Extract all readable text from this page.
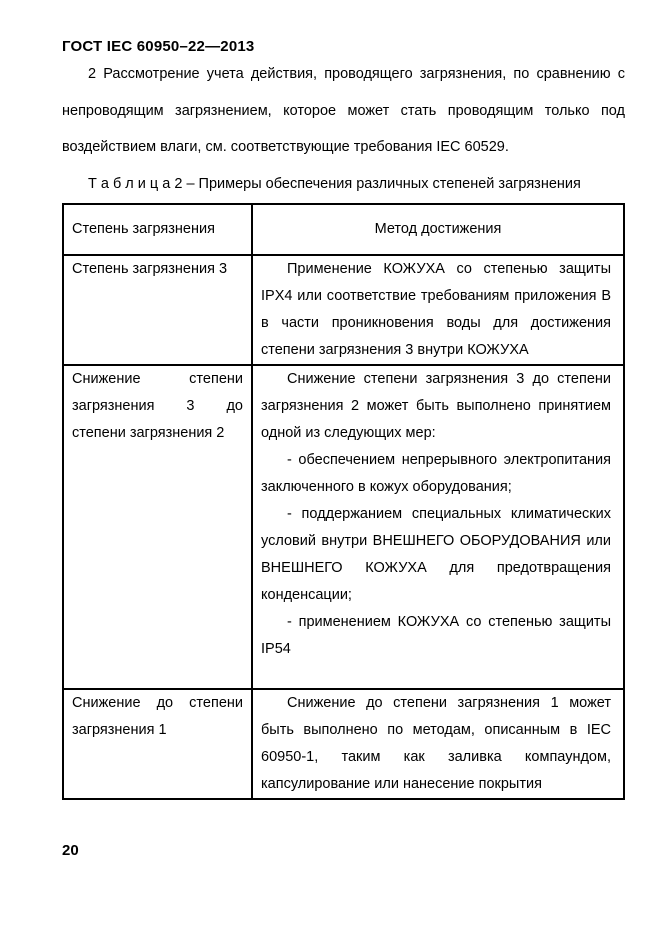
ГОСТ IEC 60950–22—2013
2 Рассмотрение учета действия, проводящего загрязнения, по сравнению с непроводящим загрязнением, которое может стать проводящим только под воздействием влаги, см. соответствующие требования IEC 60529.
Т а б л и ц а 2 – Примеры обеспечения различных степеней загрязнения
Степень загрязнения	Метод достижения
Степень загрязнения 3	Применение КОЖУХА со степенью защиты IPX4 или соответствие требованиям приложения В в части проникновения воды для достижения степени загрязнения 3 внутри КОЖУХА

Снижение степени загрязнения 3 до степени загрязнения 2	Снижение степени загрязнения 3 до степени загрязнения 2 может быть выполнено принятием одной из следующих мер:

- обеспечением непрерывного электропитания заключенного в кожух оборудования;

- поддержанием специальных климатических условий внутри ВНЕШНЕГО ОБОРУДОВАНИЯ или ВНЕШНЕГО КОЖУХА для предотвращения конденсации;

- применением КОЖУХА со степенью защиты IP54

Снижение до степени загрязнения 1	Снижение до степени загрязнения 1 может быть выполнено по методам, описанным в IEC 60950-1, таким как заливка компаундом, капсулирование или нанесение покрытия

20
